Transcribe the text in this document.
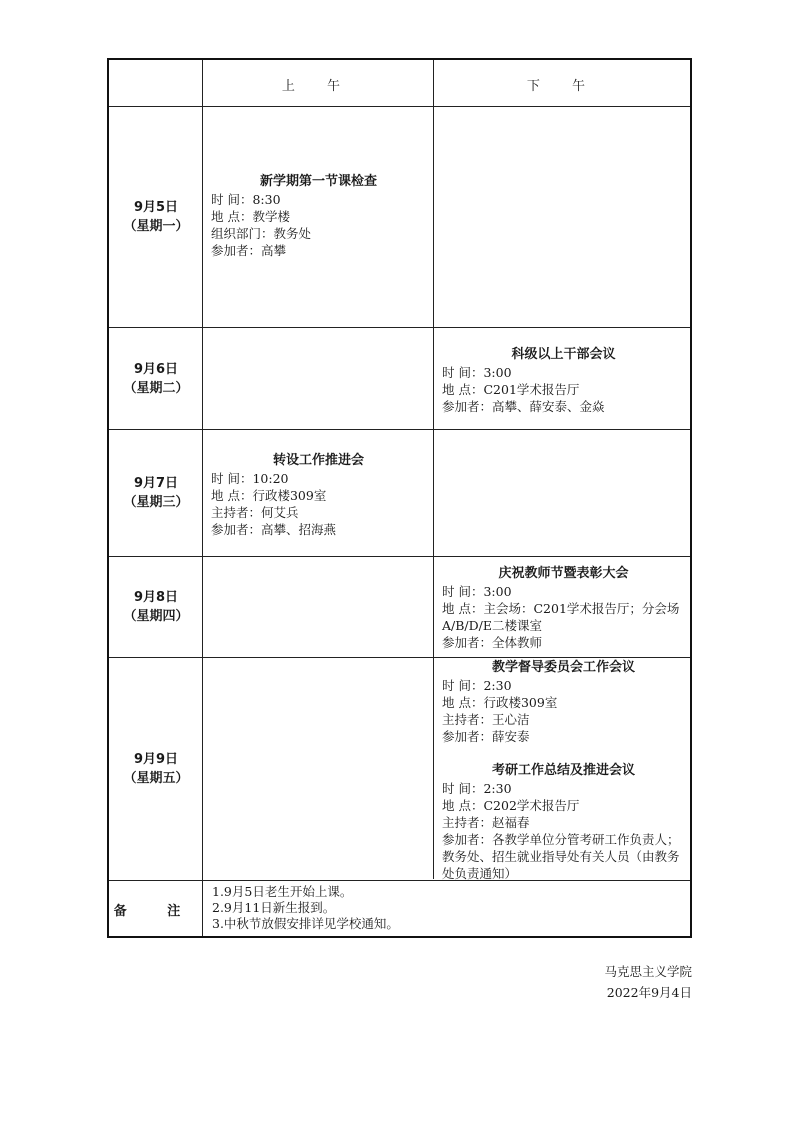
上 午	下 午
9月5日
（星期一）
9月6日
（星期二）
9月7日
（星期三）
9月8日
（星期四）
9月9日
（星期五）
新学期第一节课检查
时 间：8:30
地 点：教学楼
组织部门：教务处
参加者：高攀
科级以上干部会议
时 间：3:00
地 点：C201学术报告厅
参加者：高攀、薛安泰、金焱
转设工作推进会
时 间：10:20
地 点：行政楼309室
主持者：何艾兵
参加者：高攀、招海燕
庆祝教师节暨表彰大会
时 间：3:00
地 点：主会场：C201学术报告厅；分会场A/B/D/E二楼课室
参加者：全体教师
教学督导委员会工作会议
时 间：2:30
地 点：行政楼309室
主持者：王心洁
参加者：薛安泰
考研工作总结及推进会议
时 间：2:30
地 点：C202学术报告厅
主持者：赵福春
参加者：各教学单位分管考研工作负责人；教务处、招生就业指导处有关人员（由教务处负责通知）
备 注
1.9月5日老生开始上课。
2.9月11日新生报到。
3.中秋节放假安排详见学校通知。
马克思主义学院
2022年9月4日
